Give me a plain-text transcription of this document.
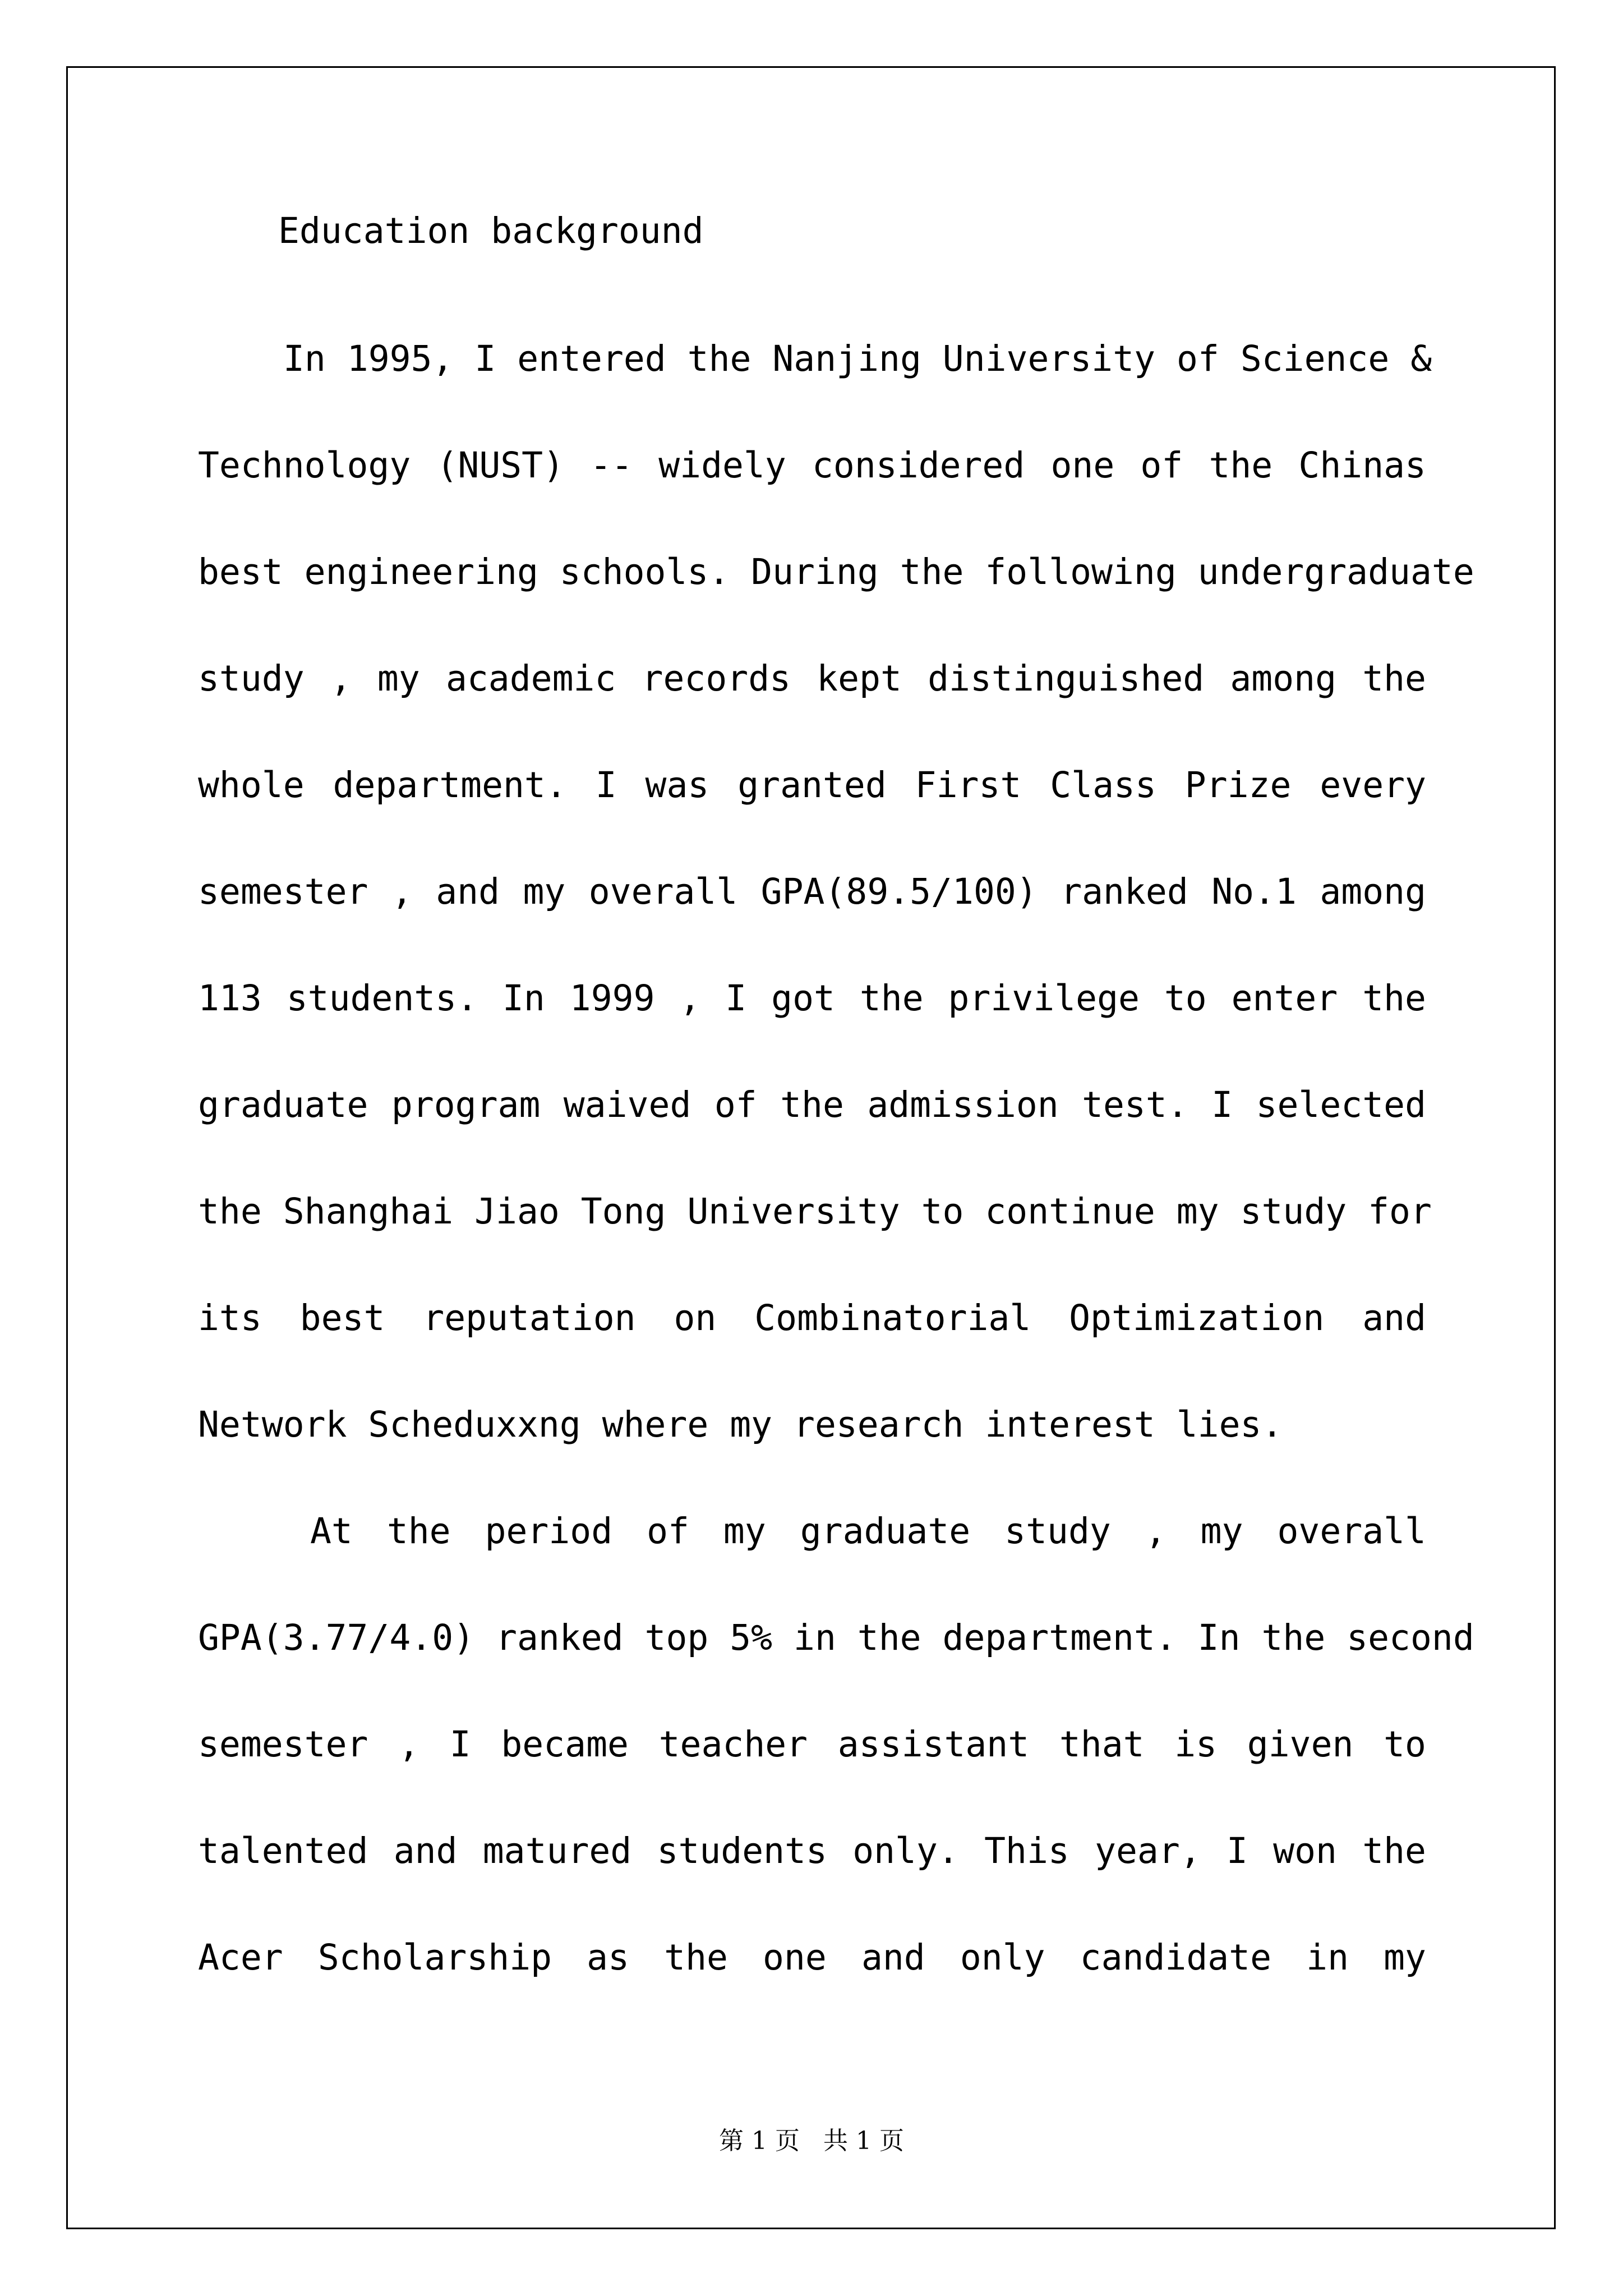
Education background
In 1995, I entered the Nanjing University of Science &
Technology (NUST) -- widely considered one of the Chinas
best engineering schools. During the following undergraduate
study , my academic records kept distinguished among the
whole department. I was granted First Class Prize every
semester , and my overall GPA(89.5/100) ranked No.1 among
113 students. In 1999 , I got the privilege to enter the
graduate program waived of the admission test. I selected
the Shanghai Jiao Tong University to continue my study for
its best reputation on Combinatorial Optimization and
Network Scheduxxng where my research interest lies.
At the period of my graduate study , my overall
GPA(3.77/4.0) ranked top 5% in the department. In the second
semester , I became teacher assistant that is given to
talented and matured students only. This year, I won the
Acer Scholarship as the one and only candidate in my
第 1 页   共 1 页
